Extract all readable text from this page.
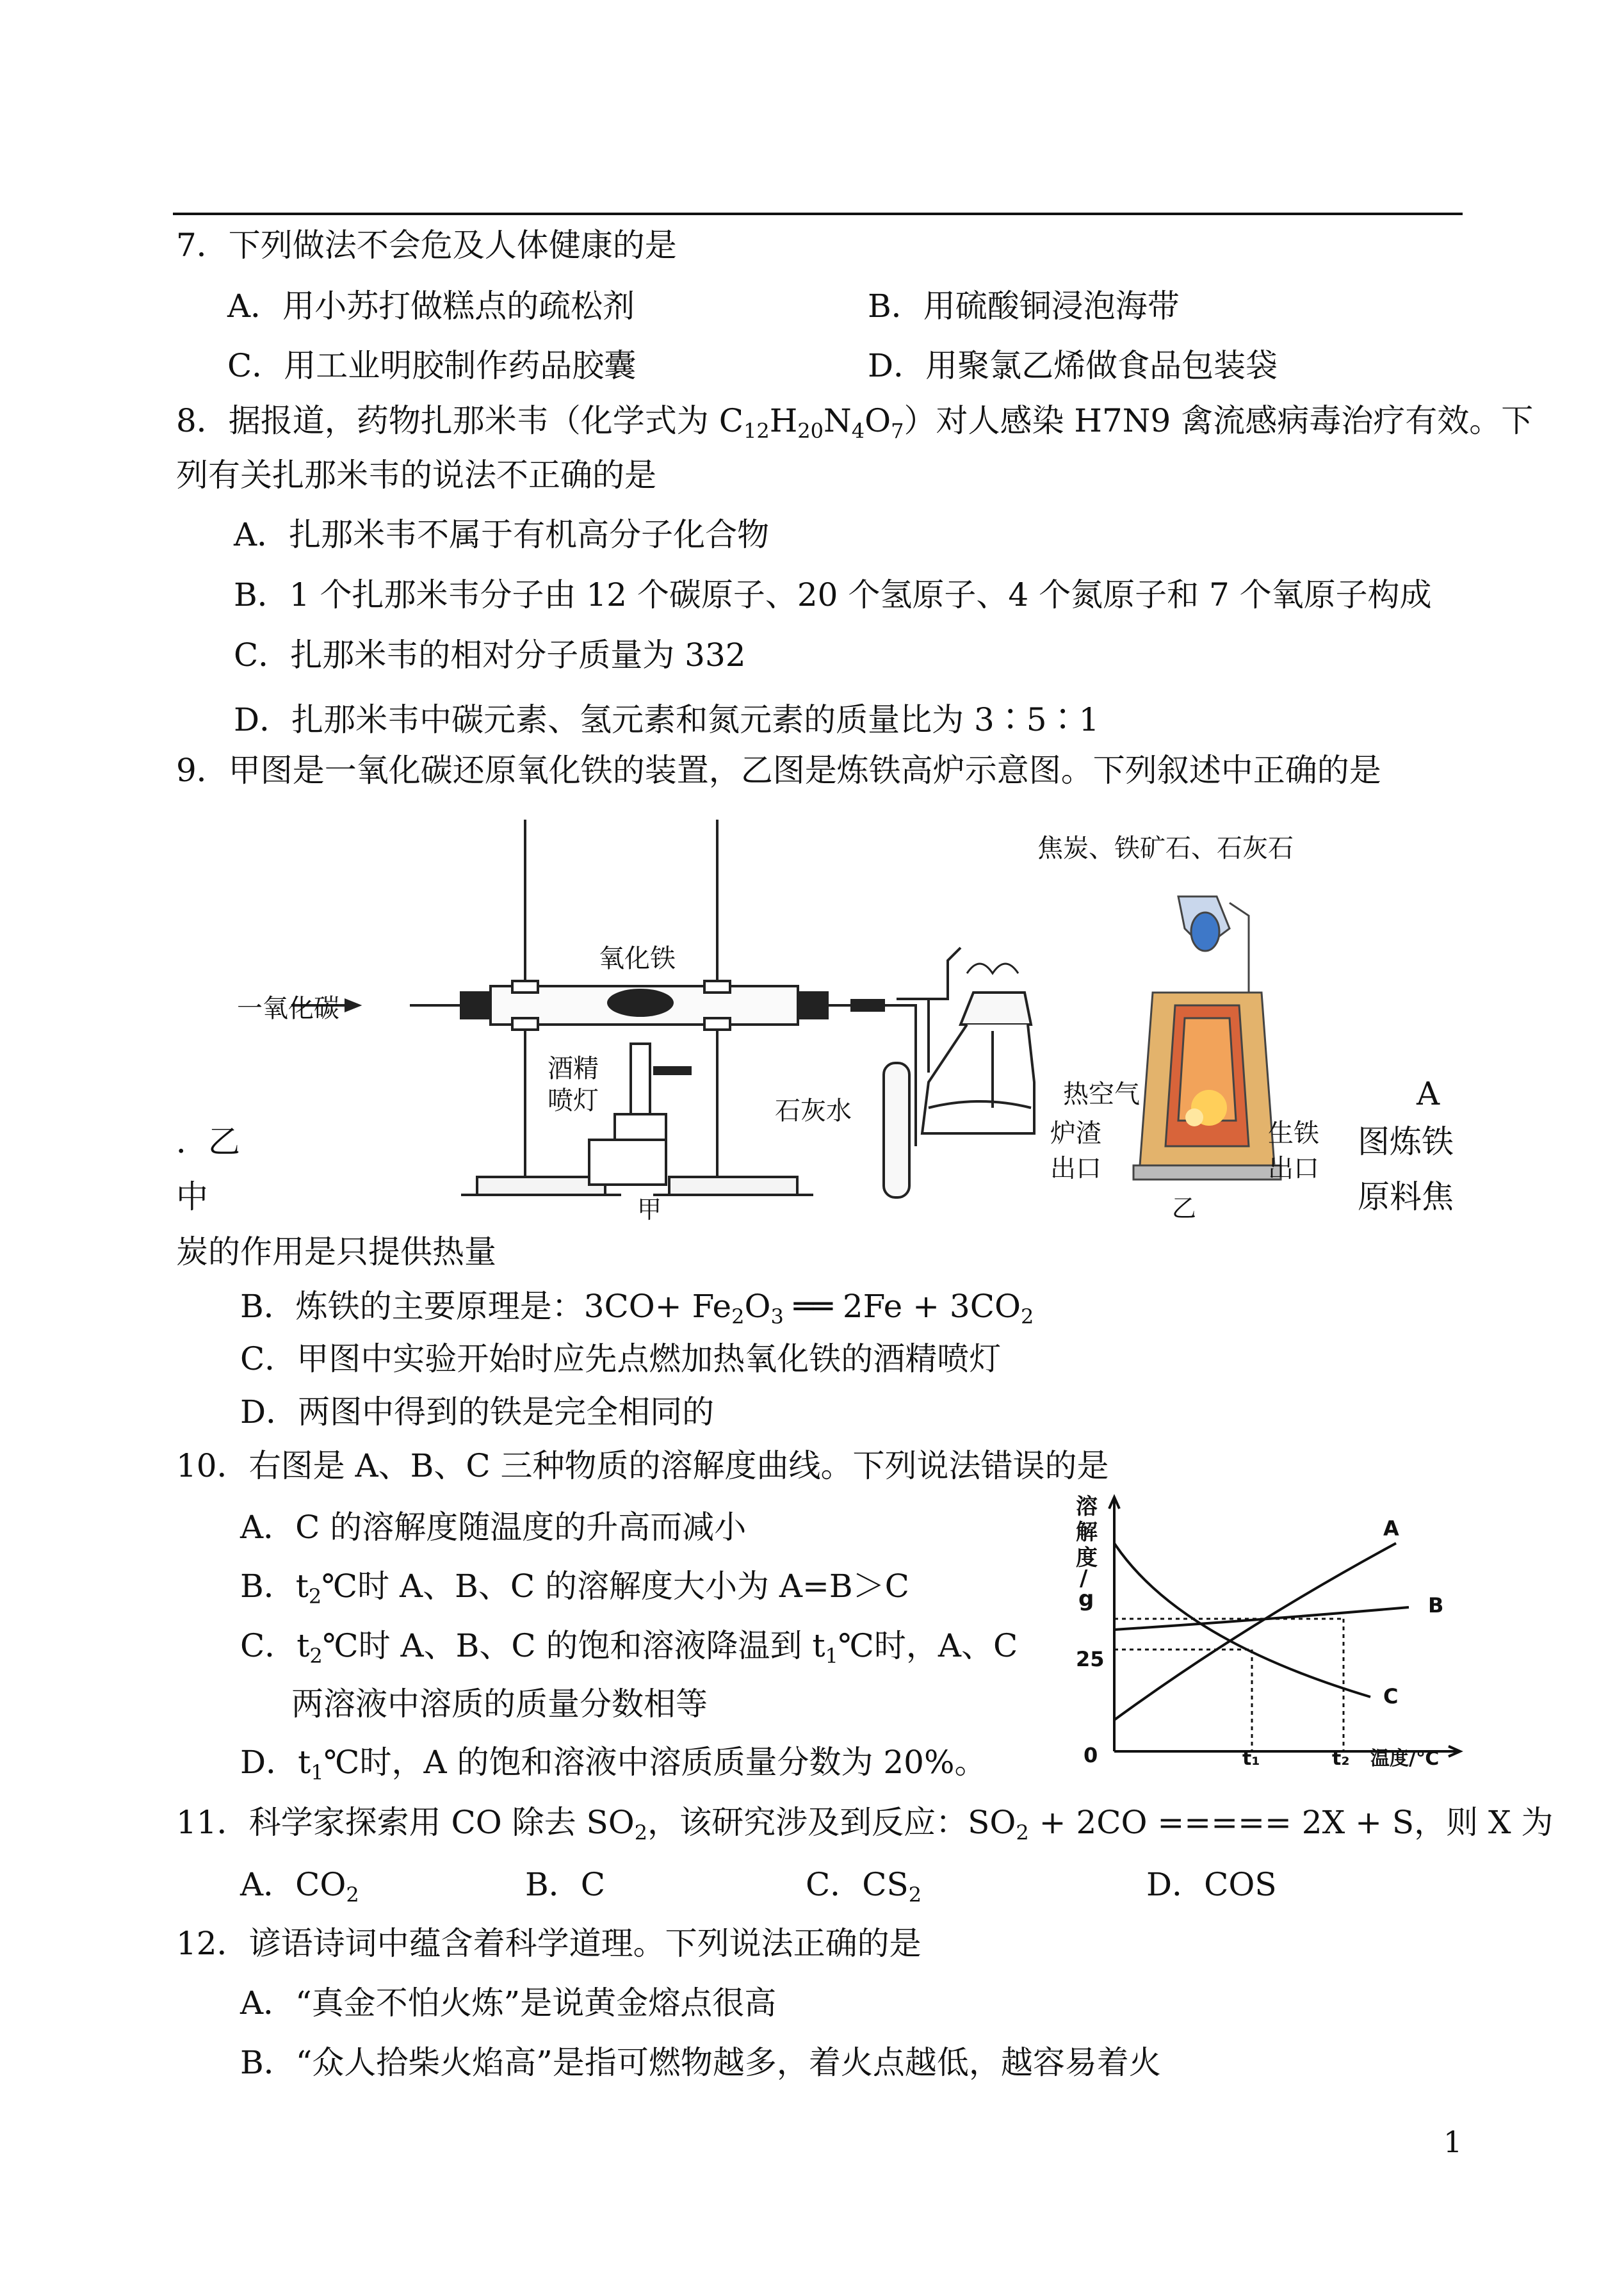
7．下列做法不会危及人体健康的是
A．用小苏打做糕点的疏松剂	B．用硫酸铜浸泡海带
C．用工业明胶制作药品胶囊	D．用聚氯乙烯做食品包装袋
8．据报道，药物扎那米韦（化学式为 $C_{12}H_{20}N_4O_7$）对人感染 H7N9 禽流感病毒治疗有效。下
列有关扎那米韦的说法不正确的是
A．扎那米韦不属于有机高分子化合物
B．1 个扎那米韦分子由 12 个碳原子、20 个氢原子、4 个氮原子和 7 个氧原子构成
C．扎那米韦的相对分子质量为 332
D．扎那米韦中碳元素、氢元素和氮元素的质量比为 3∶5∶1
9．甲图是一氧化碳还原氧化铁的装置，乙图是炼铁高炉示意图。下列叙述中正确的是
一氧化碳
氧化铁
酒精
喷灯	石灰水
甲
焦炭、铁矿石、石灰石
热空气
炉渣
出口
生铁
出口
乙
A
．乙	图炼铁
中	原料焦
炭的作用是只提供热量
B．炼铁的主要原理是：$3CO+ Fe_2O_3$ ══ $2Fe + 3CO_2$
C．甲图中实验开始时应先点燃加热氧化铁的酒精喷灯
D．两图中得到的铁是完全相同的
10．右图是 A、B、C 三种物质的溶解度曲线。下列说法错误的是
A．C 的溶解度随温度的升高而减小
B．$t_2℃$时 A、B、C 的溶解度大小为 A=B＞C
C．$t_2℃$时 A、B、C 的饱和溶液降温到 $t_1℃$时，A、C
两溶液中溶质的质量分数相等
D．$t_1℃$时，A 的饱和溶液中溶质质量分数为 20%。
溶
解
度
/
g
25
0	t₁	t₂ 温度/℃
A
B
C
11．科学家探索用 CO 除去 $SO_2$，该研究涉及到反应：$SO_2 + 2CO$ ===== 2X + S，则 X 为
A．$CO_2$	B．C	C．$CS_2$	D．COS
12．谚语诗词中蕴含着科学道理。下列说法正确的是
A．“真金不怕火炼”是说黄金熔点很高
B．“众人拾柴火焰高”是指可燃物越多，着火点越低，越容易着火
1
